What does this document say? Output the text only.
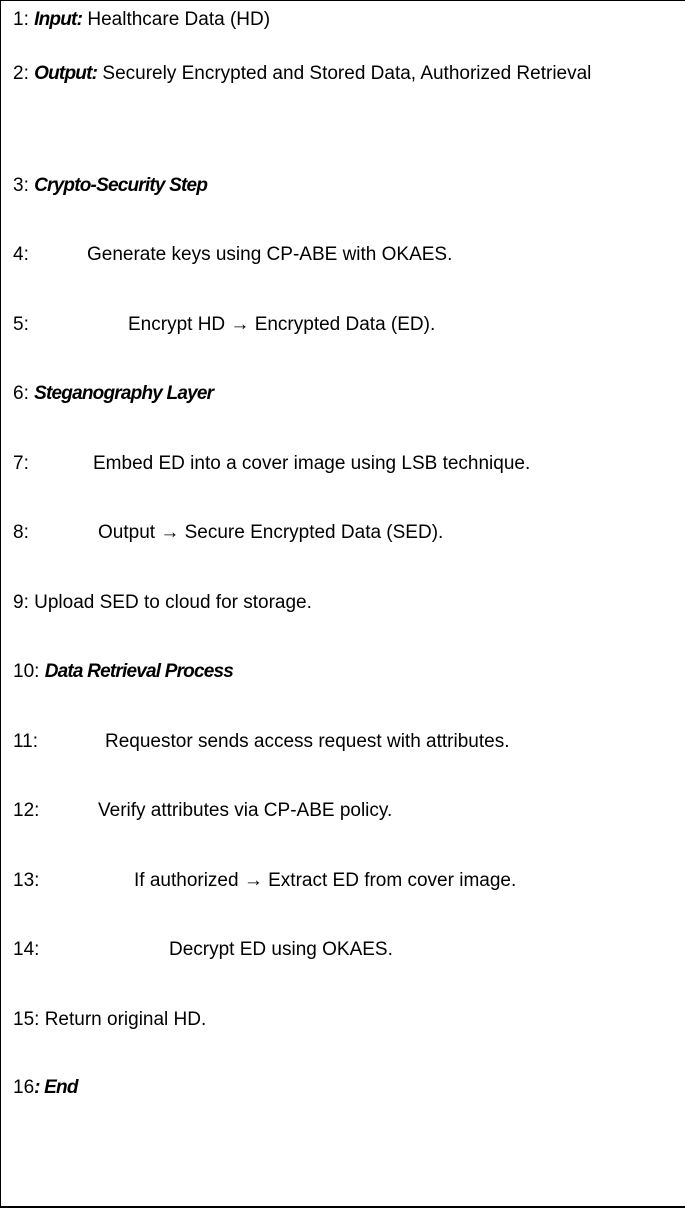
1: Input: Healthcare Data (HD)
2: Output: Securely Encrypted and Stored Data, Authorized Retrieval
3: Crypto-Security Step
4:	Generate keys using CP-ABE with OKAES.
5:	Encrypt HD → Encrypted Data (ED).
6: Steganography Layer
7:	Embed ED into a cover image using LSB technique.
8:	Output → Secure Encrypted Data (SED).
9: Upload SED to cloud for storage.
10: Data Retrieval Process
11:	Requestor sends access request with attributes.
12:	Verify attributes via CP-ABE policy.
13:	If authorized → Extract ED from cover image.
14:	Decrypt ED using OKAES.
15: Return original HD.
16: End
